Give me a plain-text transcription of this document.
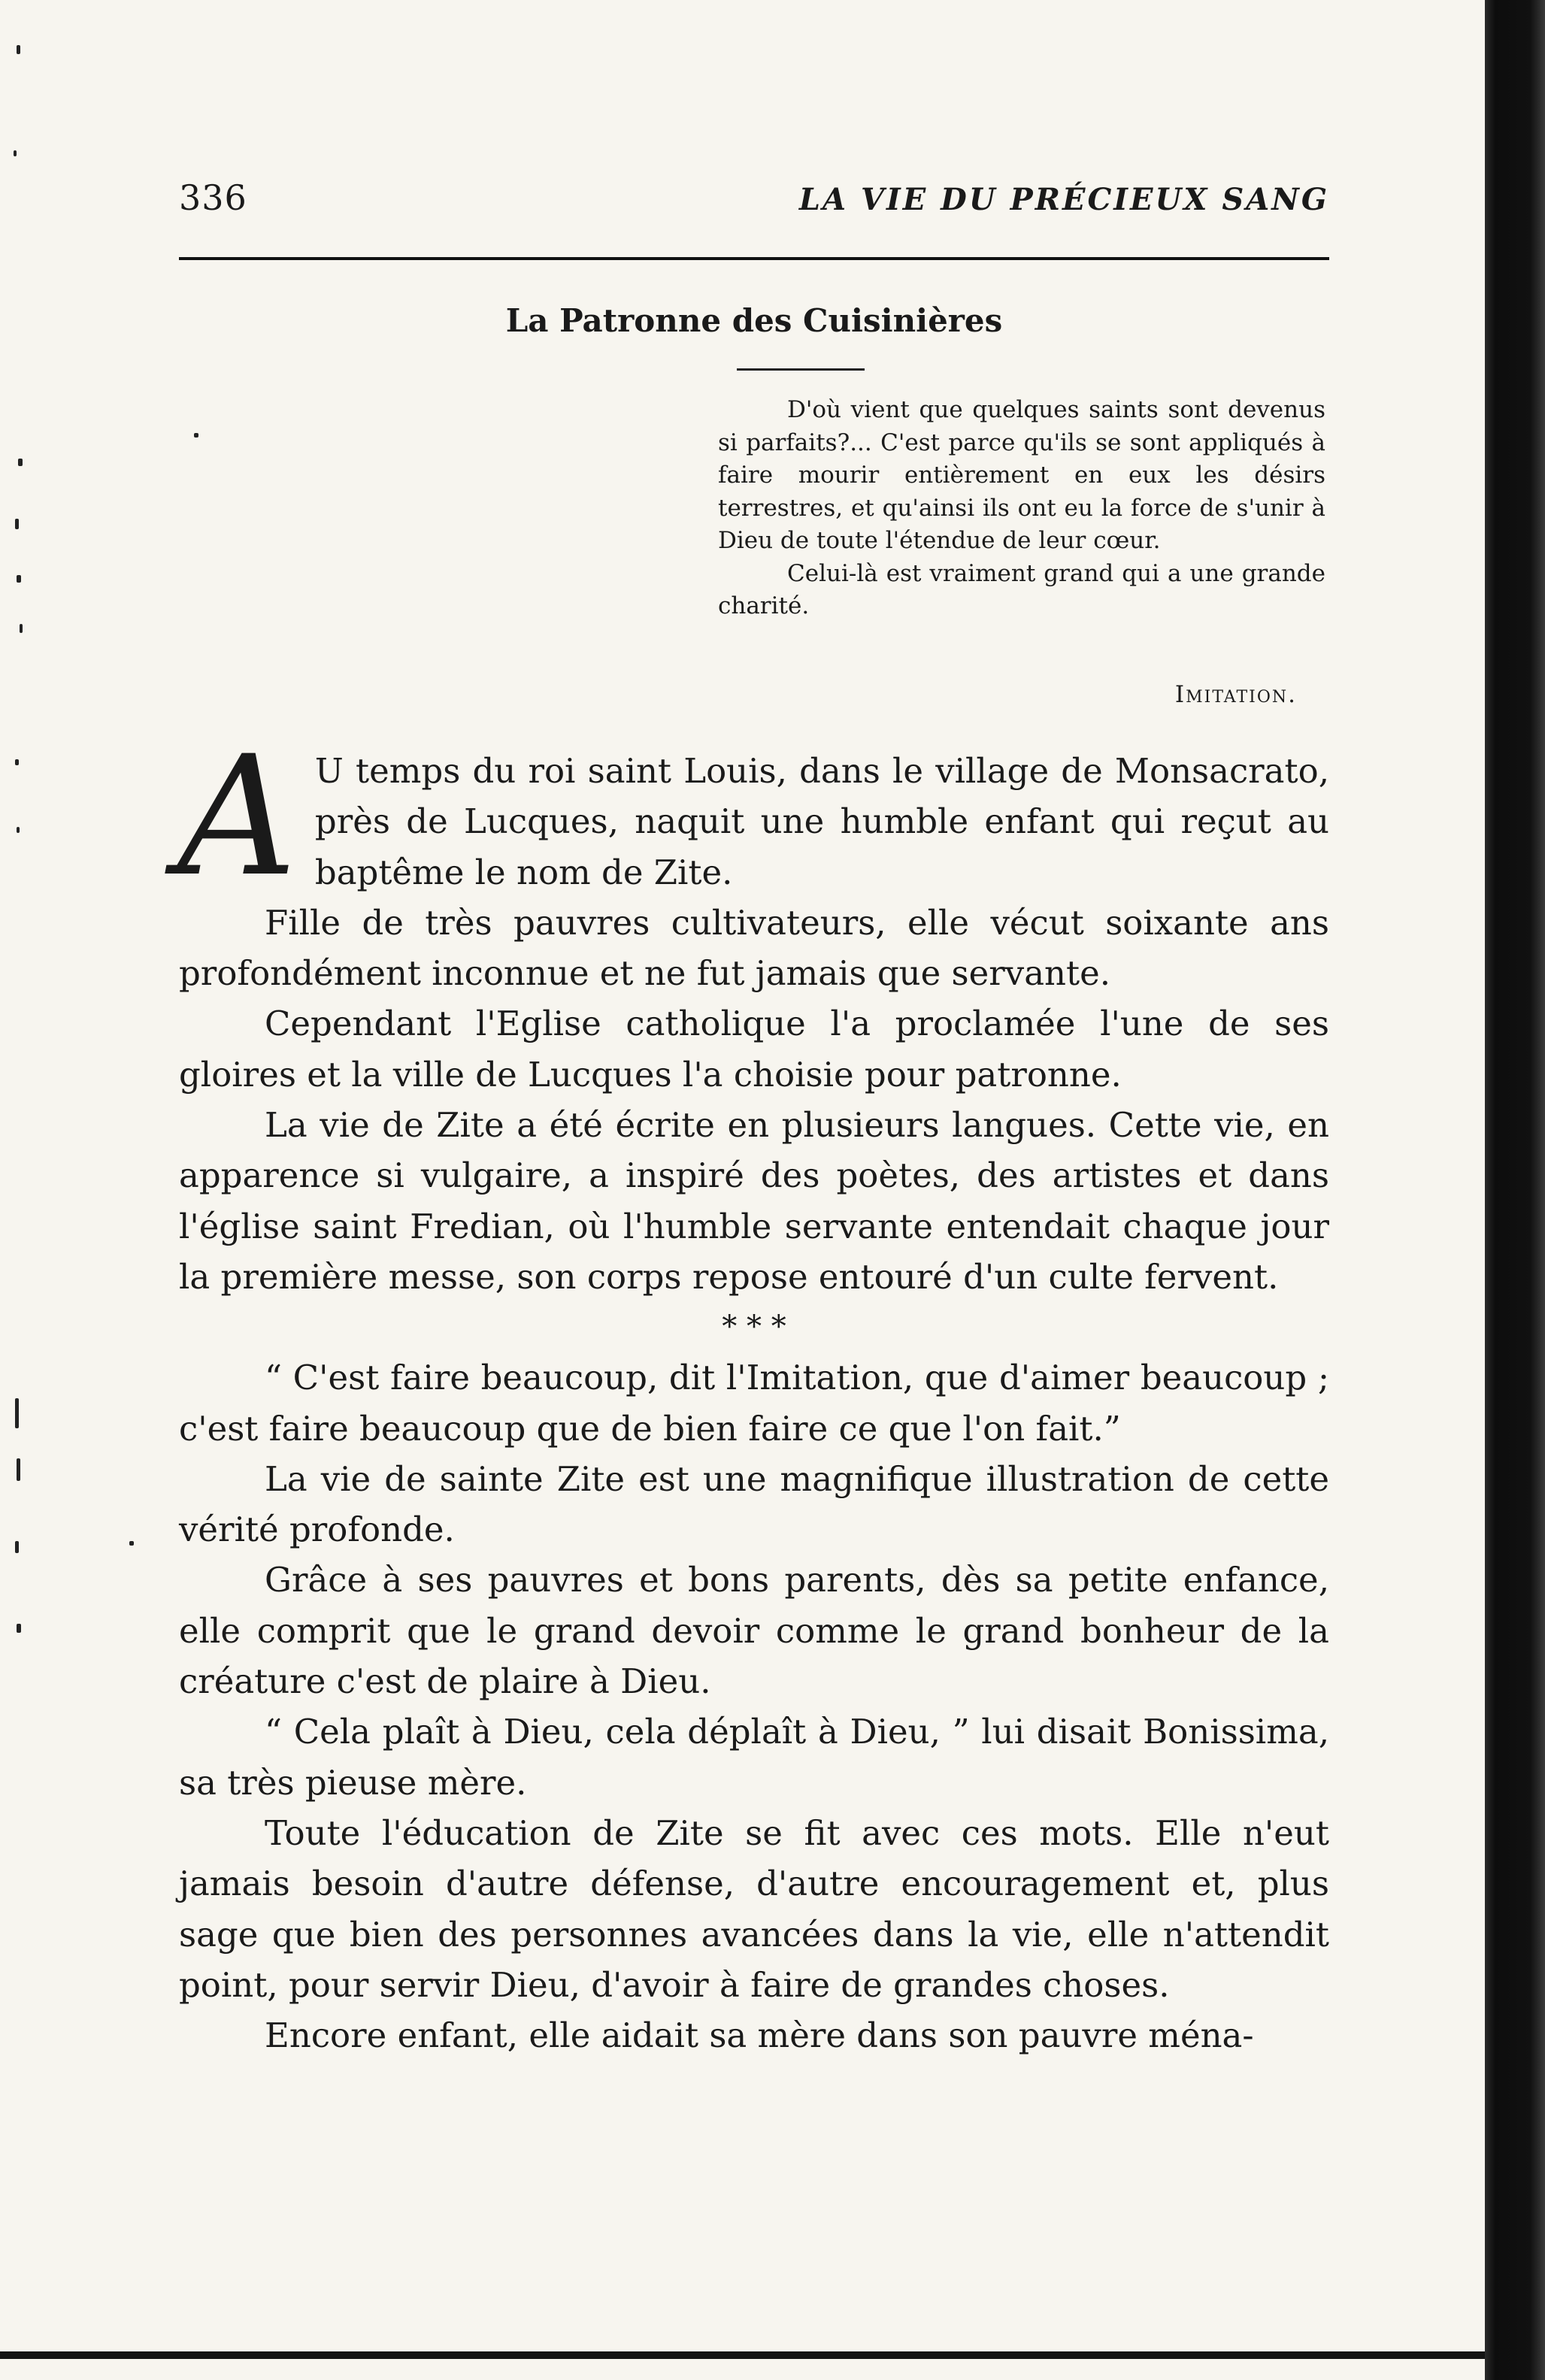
336	LA VIE DU PRÉCIEUX SANG
La Patronne des Cuisinières

D'où vient que quelques saints sont devenus si parfaits?... C'est parce qu'ils se sont appliqués à faire mourir entièrement en eux les désirs terrestres, et qu'ainsi ils ont eu la force de s'unir à Dieu de toute l'étendue de leur cœur.

Celui-là est vraiment grand qui a une grande charité.

Imitation.

A U temps du roi saint Louis, dans le village de Monsacrato, près de Lucques, naquit une humble enfant qui reçut au baptême le nom de Zite.

Fille de très pauvres cultivateurs, elle vécut soixante ans profondément inconnue et ne fut jamais que servante.

Cependant l'Eglise catholique l'a proclamée l'une de ses gloires et la ville de Lucques l'a choisie pour patronne.

La vie de Zite a été écrite en plusieurs langues. Cette vie, en apparence si vulgaire, a inspiré des poètes, des artistes et dans l'église saint Fredian, où l'humble servante entendait chaque jour la première messe, son corps repose entouré d'un culte fervent.

* * *

“ C'est faire beaucoup, dit l'Imitation, que d'aimer beaucoup ; c'est faire beaucoup que de bien faire ce que l'on fait.”

La vie de sainte Zite est une magnifique illustration de cette vérité profonde.

Grâce à ses pauvres et bons parents, dès sa petite enfance, elle comprit que le grand devoir comme le grand bonheur de la créature c'est de plaire à Dieu.

“ Cela plaît à Dieu, cela déplaît à Dieu, ” lui disait Bonissima, sa très pieuse mère.

Toute l'éducation de Zite se fit avec ces mots. Elle n'eut jamais besoin d'autre défense, d'autre encouragement et, plus sage que bien des personnes avancées dans la vie, elle n'attendit point, pour servir Dieu, d'avoir à faire de grandes choses.

Encore enfant, elle aidait sa mère dans son pauvre ména-
